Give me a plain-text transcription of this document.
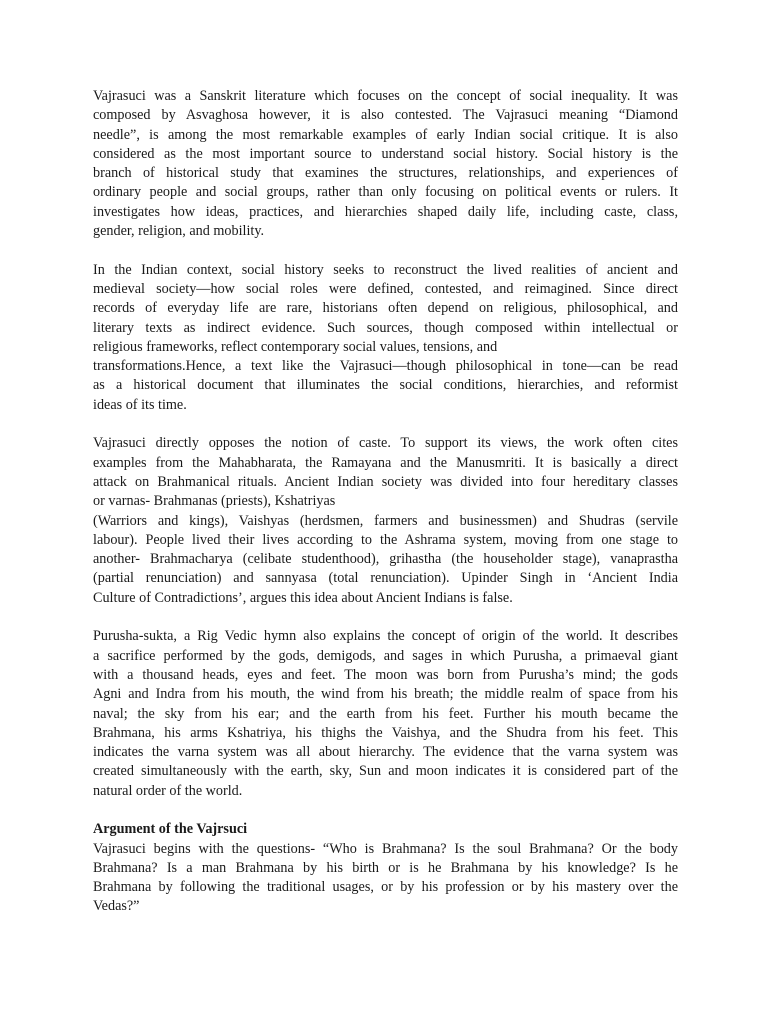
Vajrasuci was a Sanskrit literature which focuses on the concept of social inequality. It was
composed by Asvaghosa however, it is also contested. The Vajrasuci meaning “Diamond
needle”, is among the most remarkable examples of early Indian social critique. It is also
considered as the most important source to understand social history. Social history is the
branch of historical study that examines the structures, relationships, and experiences of
ordinary people and social groups, rather than only focusing on political events or rulers. It
investigates how ideas, practices, and hierarchies shaped daily life, including caste, class,
gender, religion, and mobility.
In the Indian context, social history seeks to reconstruct the lived realities of ancient and
medieval society—how social roles were defined, contested, and reimagined. Since direct
records of everyday life are rare, historians often depend on religious, philosophical, and
literary texts as indirect evidence. Such sources, though composed within intellectual or
religious frameworks, reflect contemporary social values, tensions, and
transformations.Hence, a text like the Vajrasuci—though philosophical in tone—can be read
as a historical document that illuminates the social conditions, hierarchies, and reformist
ideas of its time.
Vajrasuci directly opposes the notion of caste. To support its views, the work often cites
examples from the Mahabharata, the Ramayana and the Manusmriti. It is basically a direct
attack on Brahmanical rituals. Ancient Indian society was divided into four hereditary classes
or varnas- Brahmanas (priests), Kshatriyas
(Warriors and kings), Vaishyas (herdsmen, farmers and businessmen) and Shudras (servile
labour). People lived their lives according to the Ashrama system, moving from one stage to
another- Brahmacharya (celibate studenthood), grihastha (the householder stage), vanaprastha
(partial renunciation) and sannyasa (total renunciation). Upinder Singh in ‘Ancient India
Culture of Contradictions’, argues this idea about Ancient Indians is false.
Purusha-sukta, a Rig Vedic hymn also explains the concept of origin of the world. It describes
a sacrifice performed by the gods, demigods, and sages in which Purusha, a primaeval giant
with a thousand heads, eyes and feet. The moon was born from Purusha’s mind; the gods
Agni and Indra from his mouth, the wind from his breath; the middle realm of space from his
naval; the sky from his ear; and the earth from his feet. Further his mouth became the
Brahmana, his arms Kshatriya, his thighs the Vaishya, and the Shudra from his feet. This
indicates the varna system was all about hierarchy. The evidence that the varna system was
created simultaneously with the earth, sky, Sun and moon indicates it is considered part of the
natural order of the world.
Argument of the Vajrsuci
Vajrasuci begins with the questions- “Who is Brahmana? Is the soul Brahmana? Or the body
Brahmana? Is a man Brahmana by his birth or is he Brahmana by his knowledge? Is he
Brahmana by following the traditional usages, or by his profession or by his mastery over the
Vedas?”
